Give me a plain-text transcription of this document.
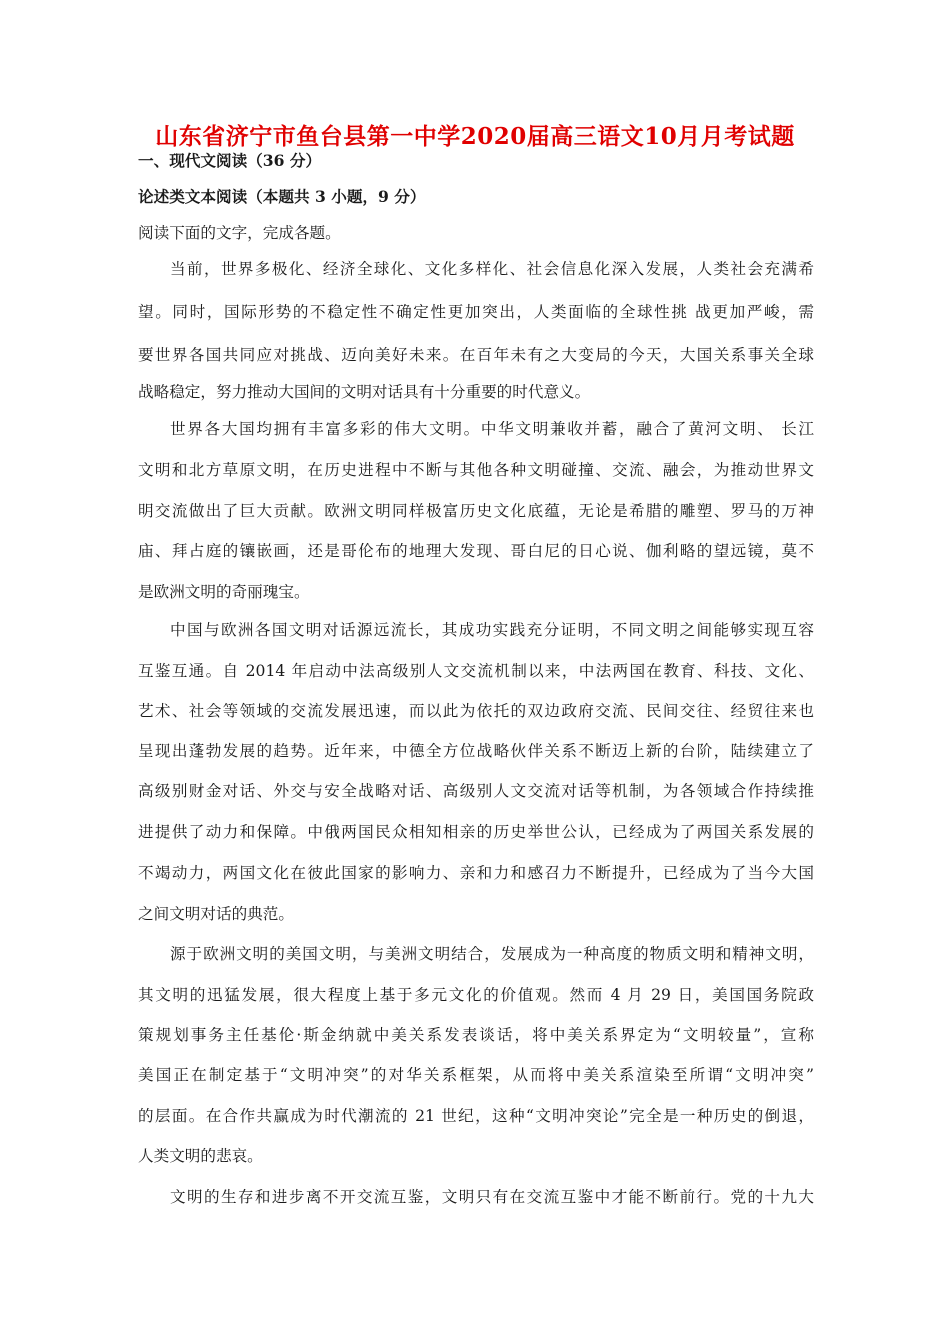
山东省济宁市鱼台县第一中学2020届高三语文10月月考试题
一、现代文阅读（36 分）
论述类文本阅读（本题共 3 小题，9 分）
阅读下面的文字，完成各题。
当前，世界多极化、经济全球化、文化多样化、社会信息化深入发展，人类社会充满希
望。同时，国际形势的不稳定性不确定性更加突出，人类面临的全球性挑 战更加严峻，需
要世界各国共同应对挑战、迈向美好未来。在百年未有之大变局的今天，大国关系事关全球
战略稳定，努力推动大国间的文明对话具有十分重要的时代意义。
世界各大国均拥有丰富多彩的伟大文明。中华文明兼收并蓄，融合了黄河文明、 长江
文明和北方草原文明，在历史进程中不断与其他各种文明碰撞、交流、融会，为推动世界文
明交流做出了巨大贡献。欧洲文明同样极富历史文化底蕴，无论是希腊的雕塑、罗马的万神
庙、拜占庭的镶嵌画，还是哥伦布的地理大发现、哥白尼的日心说、伽利略的望远镜，莫不
是欧洲文明的奇丽瑰宝。
中国与欧洲各国文明对话源远流长，其成功实践充分证明，不同文明之间能够实现互容
互鉴互通。自 2014 年启动中法高级别人文交流机制以来，中法两国在教育、科技、文化、
艺术、社会等领域的交流发展迅速，而以此为依托的双边政府交流、民间交往、经贸往来也
呈现出蓬勃发展的趋势。近年来，中德全方位战略伙伴关系不断迈上新的台阶，陆续建立了
高级别财金对话、外交与安全战略对话、高级别人文交流对话等机制，为各领域合作持续推
进提供了动力和保障。中俄两国民众相知相亲的历史举世公认，已经成为了两国关系发展的
不竭动力，两国文化在彼此国家的影响力、亲和力和感召力不断提升，已经成为了当今大国
之间文明对话的典范。
源于欧洲文明的美国文明，与美洲文明结合，发展成为一种高度的物质文明和精神文明，
其文明的迅猛发展，很大程度上基于多元文化的价值观。然而 4 月 29 日，美国国务院政
策规划事务主任基伦·斯金纳就中美关系发表谈话，将中美关系界定为“文明较量”，宣称
美国正在制定基于“文明冲突”的对华关系框架，从而将中美关系渲染至所谓“文明冲突”
的层面。在合作共赢成为时代潮流的 21 世纪，这种“文明冲突论”完全是一种历史的倒退，
人类文明的悲哀。
文明的生存和进步离不开交流互鉴，文明只有在交流互鉴中才能不断前行。党的十九大
